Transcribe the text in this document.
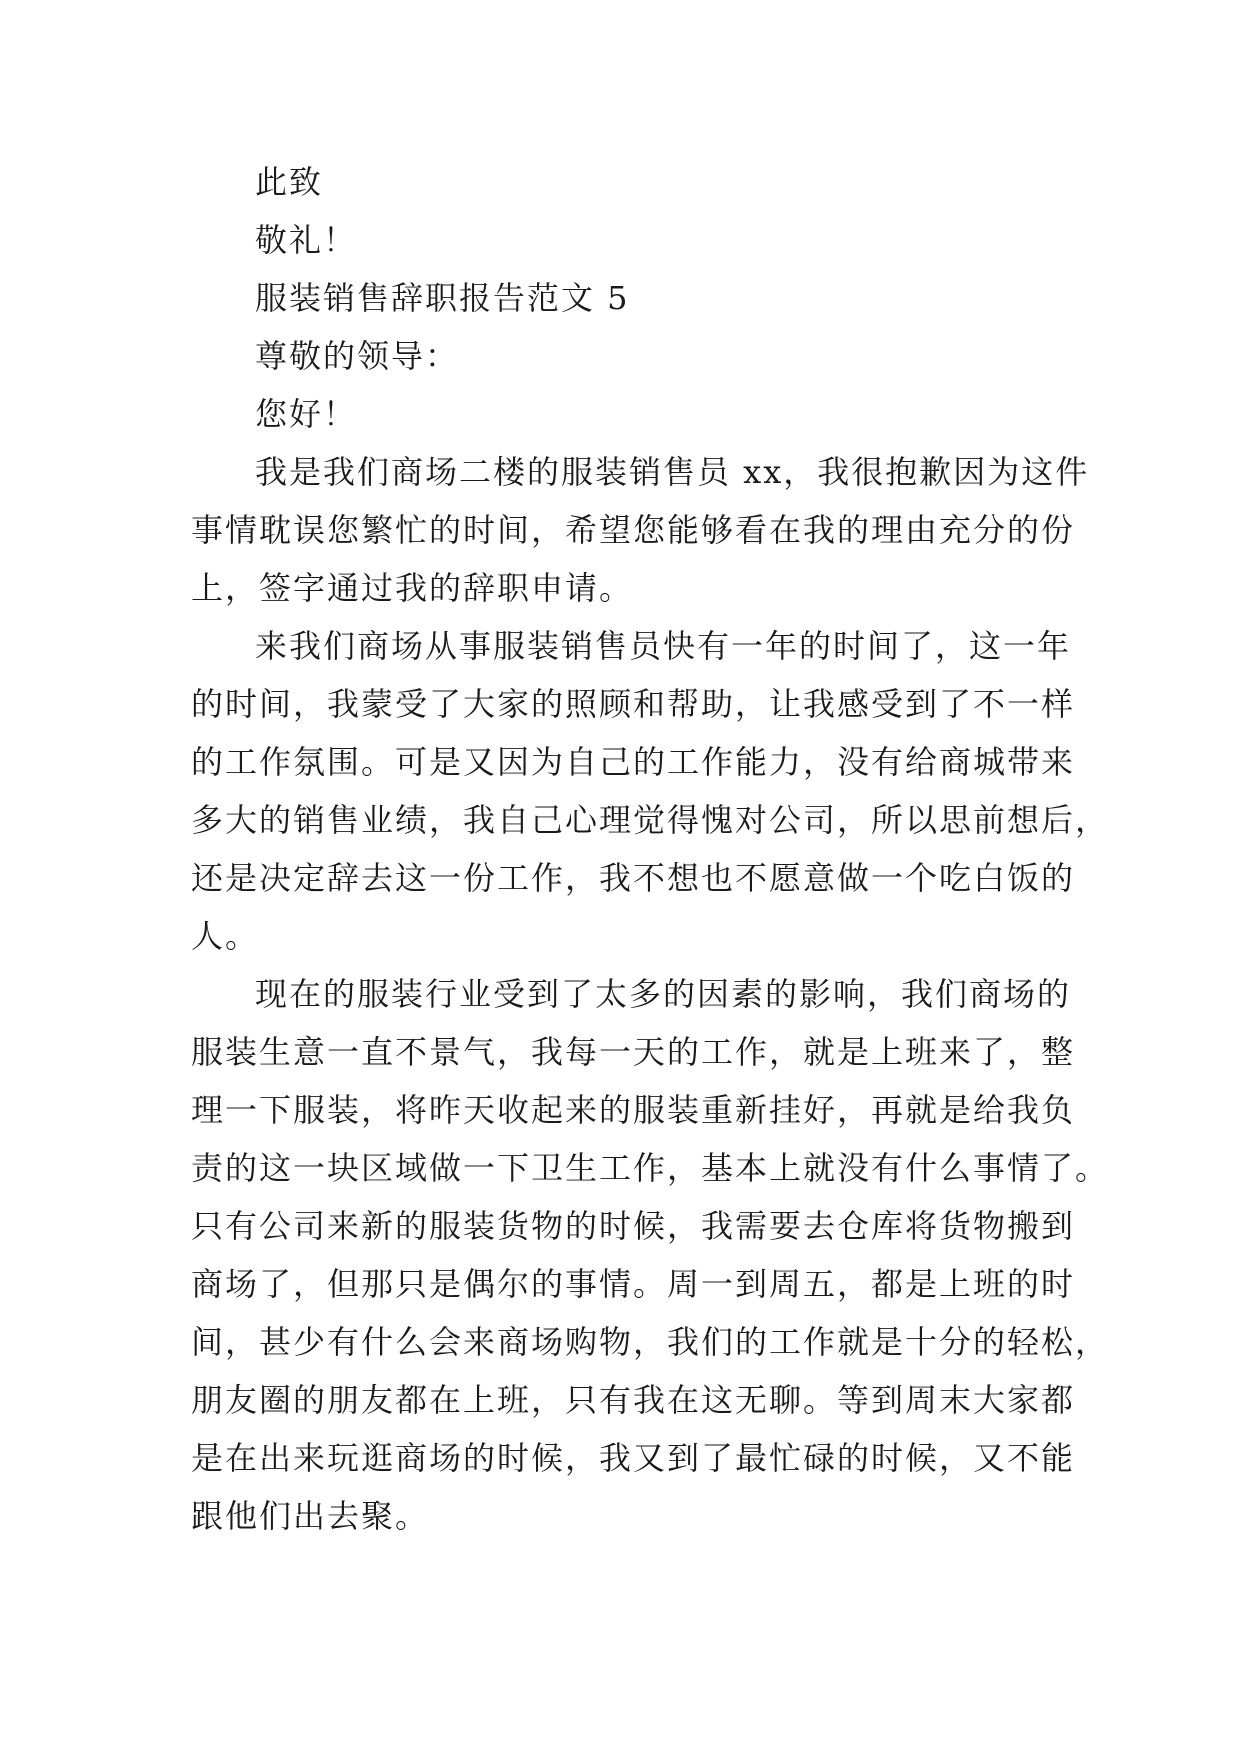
此致
敬礼！
服装销售辞职报告范文 5
尊敬的领导：
您好！
我是我们商场二楼的服装销售员 xx，我很抱歉因为这件
事情耽误您繁忙的时间，希望您能够看在我的理由充分的份
上，签字通过我的辞职申请。
来我们商场从事服装销售员快有一年的时间了，这一年
的时间，我蒙受了大家的照顾和帮助，让我感受到了不一样
的工作氛围。可是又因为自己的工作能力，没有给商城带来
多大的销售业绩，我自己心理觉得愧对公司，所以思前想后，
还是决定辞去这一份工作，我不想也不愿意做一个吃白饭的
人。
现在的服装行业受到了太多的因素的影响，我们商场的
服装生意一直不景气，我每一天的工作，就是上班来了，整
理一下服装，将昨天收起来的服装重新挂好，再就是给我负
责的这一块区域做一下卫生工作，基本上就没有什么事情了。
只有公司来新的服装货物的时候，我需要去仓库将货物搬到
商场了，但那只是偶尔的事情。周一到周五，都是上班的时
间，甚少有什么会来商场购物，我们的工作就是十分的轻松，
朋友圈的朋友都在上班，只有我在这无聊。等到周末大家都
是在出来玩逛商场的时候，我又到了最忙碌的时候，又不能
跟他们出去聚。
